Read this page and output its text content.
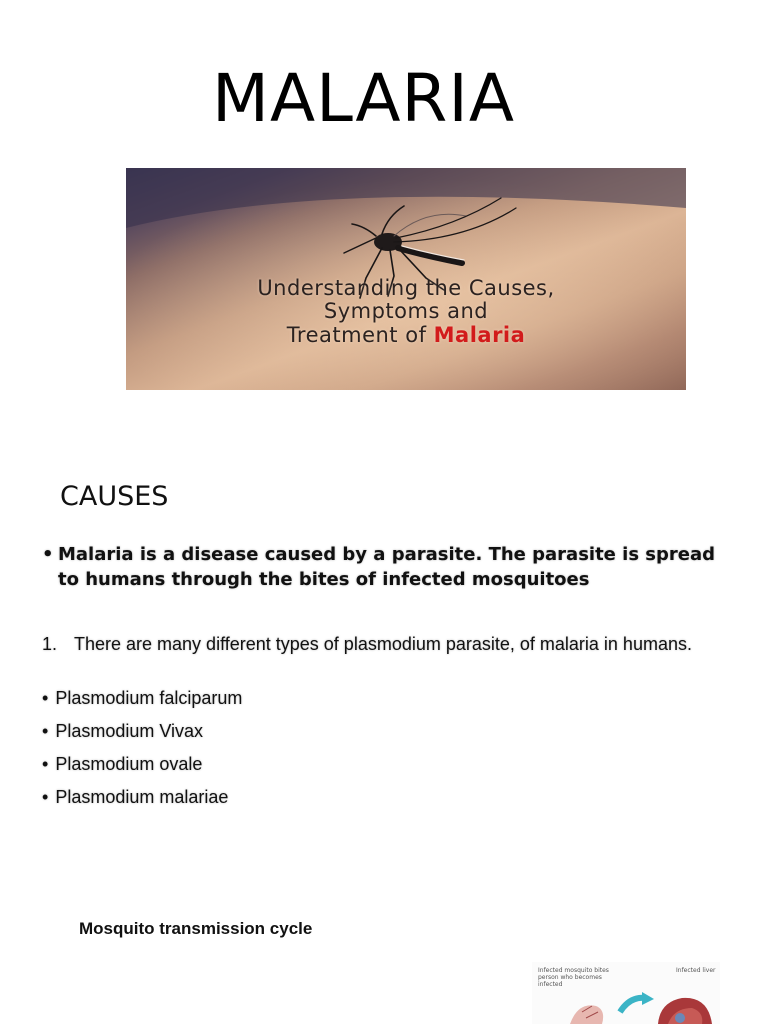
MALARIA
Understanding the Causes,
Symptoms and
Treatment of Malaria
CAUSES
• Malaria is a disease caused by a parasite. The parasite is spread to humans through the bites of infected mosquitoes
1. There are many different types of plasmodium parasite, of malaria in humans.
• Plasmodium falciparum
• Plasmodium Vivax
• Plasmodium ovale
• Plasmodium malariae
Mosquito transmission cycle
Infected mosquito bites person who becomes infected
Infected liver
